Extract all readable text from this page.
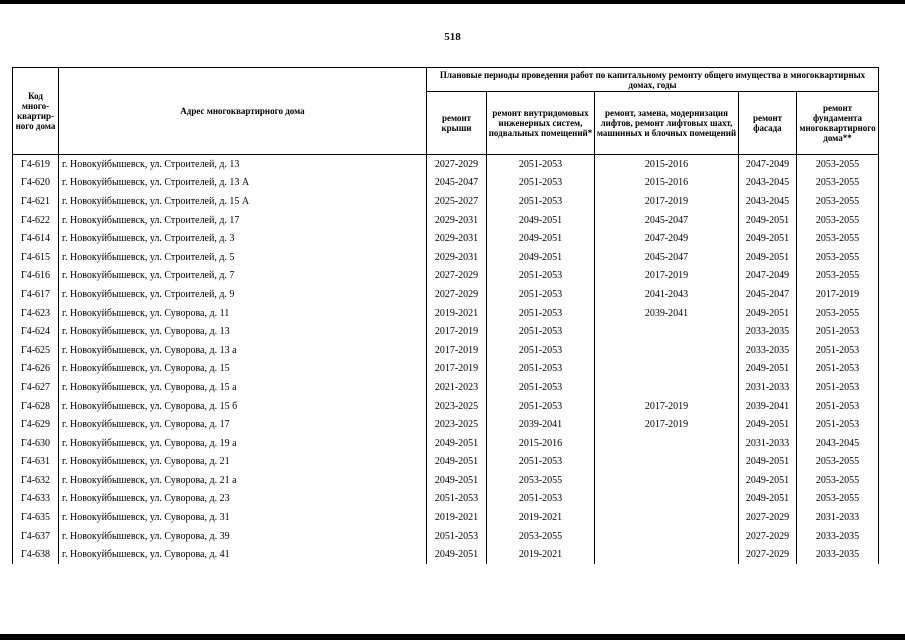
518
Код много-квартир-ного дома	Адрес многоквартирного дома	Плановые периоды проведения работ по капитальному ремонту общего имущества в многоквартирных домах, годы				
		ремонт крыши	ремонт внутридомовых инженерных систем, подвальных помещений*	ремонт, замена, модернизация лифтов, ремонт лифтовых шахт, машинных и блочных помещений	ремонт фасада	ремонт фундамента многоквартирного дома**
Г4-619	г. Новокуйбышевск, ул. Строителей, д. 13	2027-2029	2051-2053	2015-2016	2047-2049	2053-2055
Г4-620	г. Новокуйбышевск, ул. Строителей, д. 13 А	2045-2047	2051-2053	2015-2016	2043-2045	2053-2055
Г4-621	г. Новокуйбышевск, ул. Строителей, д. 15 А	2025-2027	2051-2053	2017-2019	2043-2045	2053-2055
Г4-622	г. Новокуйбышевск, ул. Строителей, д. 17	2029-2031	2049-2051	2045-2047	2049-2051	2053-2055
Г4-614	г. Новокуйбышевск, ул. Строителей, д. 3	2029-2031	2049-2051	2047-2049	2049-2051	2053-2055
Г4-615	г. Новокуйбышевск, ул. Строителей, д. 5	2029-2031	2049-2051	2045-2047	2049-2051	2053-2055
Г4-616	г. Новокуйбышевск, ул. Строителей, д. 7	2027-2029	2051-2053	2017-2019	2047-2049	2053-2055
Г4-617	г. Новокуйбышевск, ул. Строителей, д. 9	2027-2029	2051-2053	2041-2043	2045-2047	2017-2019
Г4-623	г. Новокуйбышевск, ул. Суворова, д. 11	2019-2021	2051-2053	2039-2041	2049-2051	2053-2055
Г4-624	г. Новокуйбышевск, ул. Суворова, д. 13	2017-2019	2051-2053		2033-2035	2051-2053
Г4-625	г. Новокуйбышевск, ул. Суворова, д. 13 а	2017-2019	2051-2053		2033-2035	2051-2053
Г4-626	г. Новокуйбышевск, ул. Суворова, д. 15	2017-2019	2051-2053		2049-2051	2051-2053
Г4-627	г. Новокуйбышевск, ул. Суворова, д. 15 а	2021-2023	2051-2053		2031-2033	2051-2053
Г4-628	г. Новокуйбышевск, ул. Суворова, д. 15 б	2023-2025	2051-2053	2017-2019	2039-2041	2051-2053
Г4-629	г. Новокуйбышевск, ул. Суворова, д. 17	2023-2025	2039-2041	2017-2019	2049-2051	2051-2053
Г4-630	г. Новокуйбышевск, ул. Суворова, д. 19 а	2049-2051	2015-2016		2031-2033	2043-2045
Г4-631	г. Новокуйбышевск, ул. Суворова, д. 21	2049-2051	2051-2053		2049-2051	2053-2055
Г4-632	г. Новокуйбышевск, ул. Суворова, д. 21 а	2049-2051	2053-2055		2049-2051	2053-2055
Г4-633	г. Новокуйбышевск, ул. Суворова, д. 23	2051-2053	2051-2053		2049-2051	2053-2055
Г4-635	г. Новокуйбышевск, ул. Суворова, д. 31	2019-2021	2019-2021		2027-2029	2031-2033
Г4-637	г. Новокуйбышевск, ул. Суворова, д. 39	2051-2053	2053-2055		2027-2029	2033-2035
Г4-638	г. Новокуйбышевск, ул. Суворова, д. 41	2049-2051	2019-2021		2027-2029	2033-2035
